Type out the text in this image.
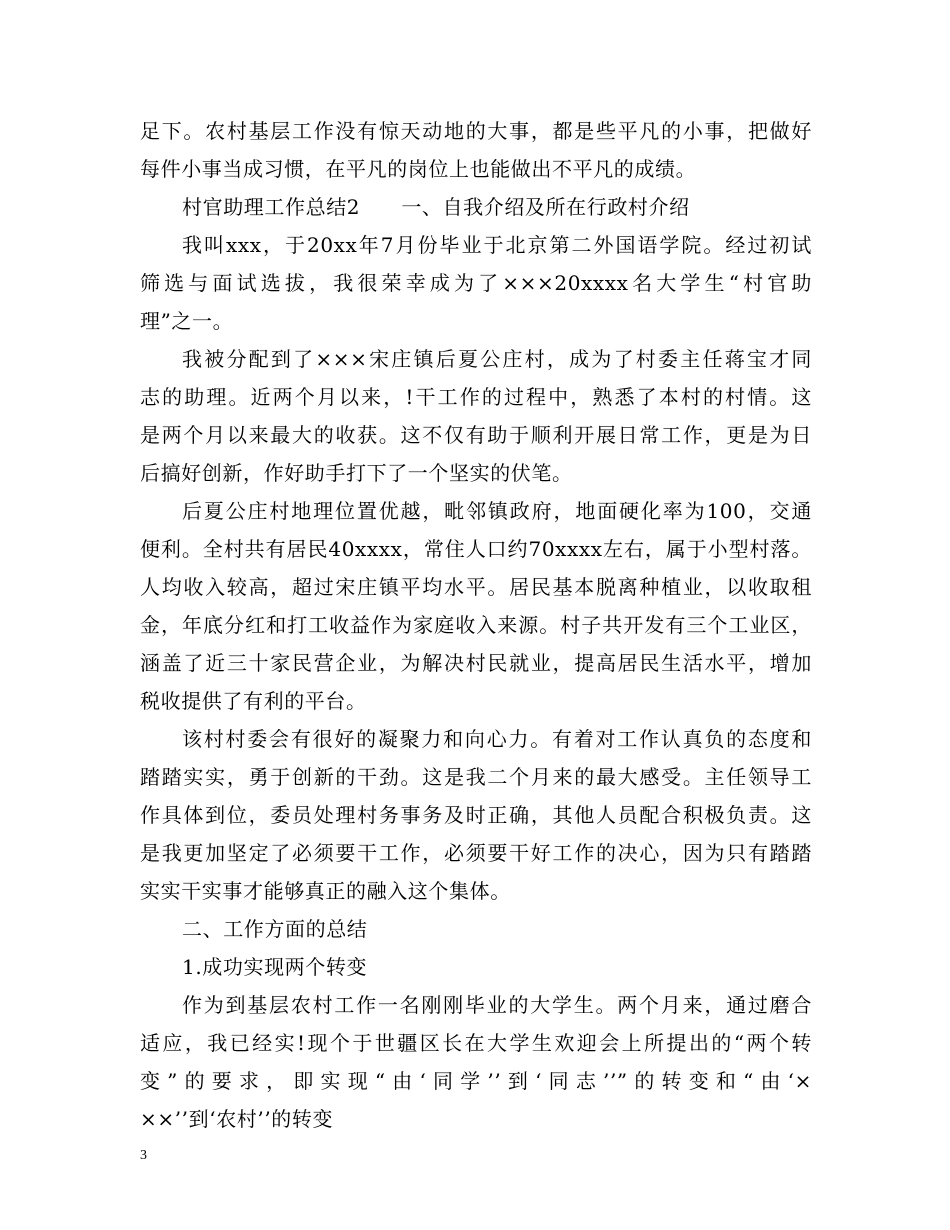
足下。农村基层工作没有惊天动地的大事，都是些平凡的小事，把做好
每件小事当成习惯，在平凡的岗位上也能做出不平凡的成绩。
村官助理工作总结2　　一、自我介绍及所在行政村介绍
我叫xxx，于20xx年7月份毕业于北京第二外国语学院。经过初试
筛选与面试选拔，我很荣幸成为了×××20xxxx名大学生“村官助
理”之一。
我被分配到了×××宋庄镇后夏公庄村，成为了村委主任蒋宝才同
志的助理。近两个月以来，!干工作的过程中，熟悉了本村的村情。这
是两个月以来最大的收获。这不仅有助于顺利开展日常工作，更是为日
后搞好创新，作好助手打下了一个坚实的伏笔。
后夏公庄村地理位置优越，毗邻镇政府，地面硬化率为100，交通
便利。全村共有居民40xxxx，常住人口约70xxxx左右，属于小型村落。
人均收入较高，超过宋庄镇平均水平。居民基本脱离种植业，以收取租
金，年底分红和打工收益作为家庭收入来源。村子共开发有三个工业区，
涵盖了近三十家民营企业，为解决村民就业，提高居民生活水平，增加
税收提供了有利的平台。
该村村委会有很好的凝聚力和向心力。有着对工作认真负的态度和
踏踏实实，勇于创新的干劲。这是我二个月来的最大感受。主任领导工
作具体到位，委员处理村务事务及时正确，其他人员配合积极负责。这
是我更加坚定了必须要干工作，必须要干好工作的决心，因为只有踏踏
实实干实事才能够真正的融入这个集体。
二、工作方面的总结
1.成功实现两个转变
作为到基层农村工作一名刚刚毕业的大学生。两个月来，通过磨合
适应，我已经实!现个于世疆区长在大学生欢迎会上所提出的“两个转
变”的要求，即实现“由‘同学’’到‘同志’’”的转变和“由‘×
××’’到‘农村’’的转变
3
